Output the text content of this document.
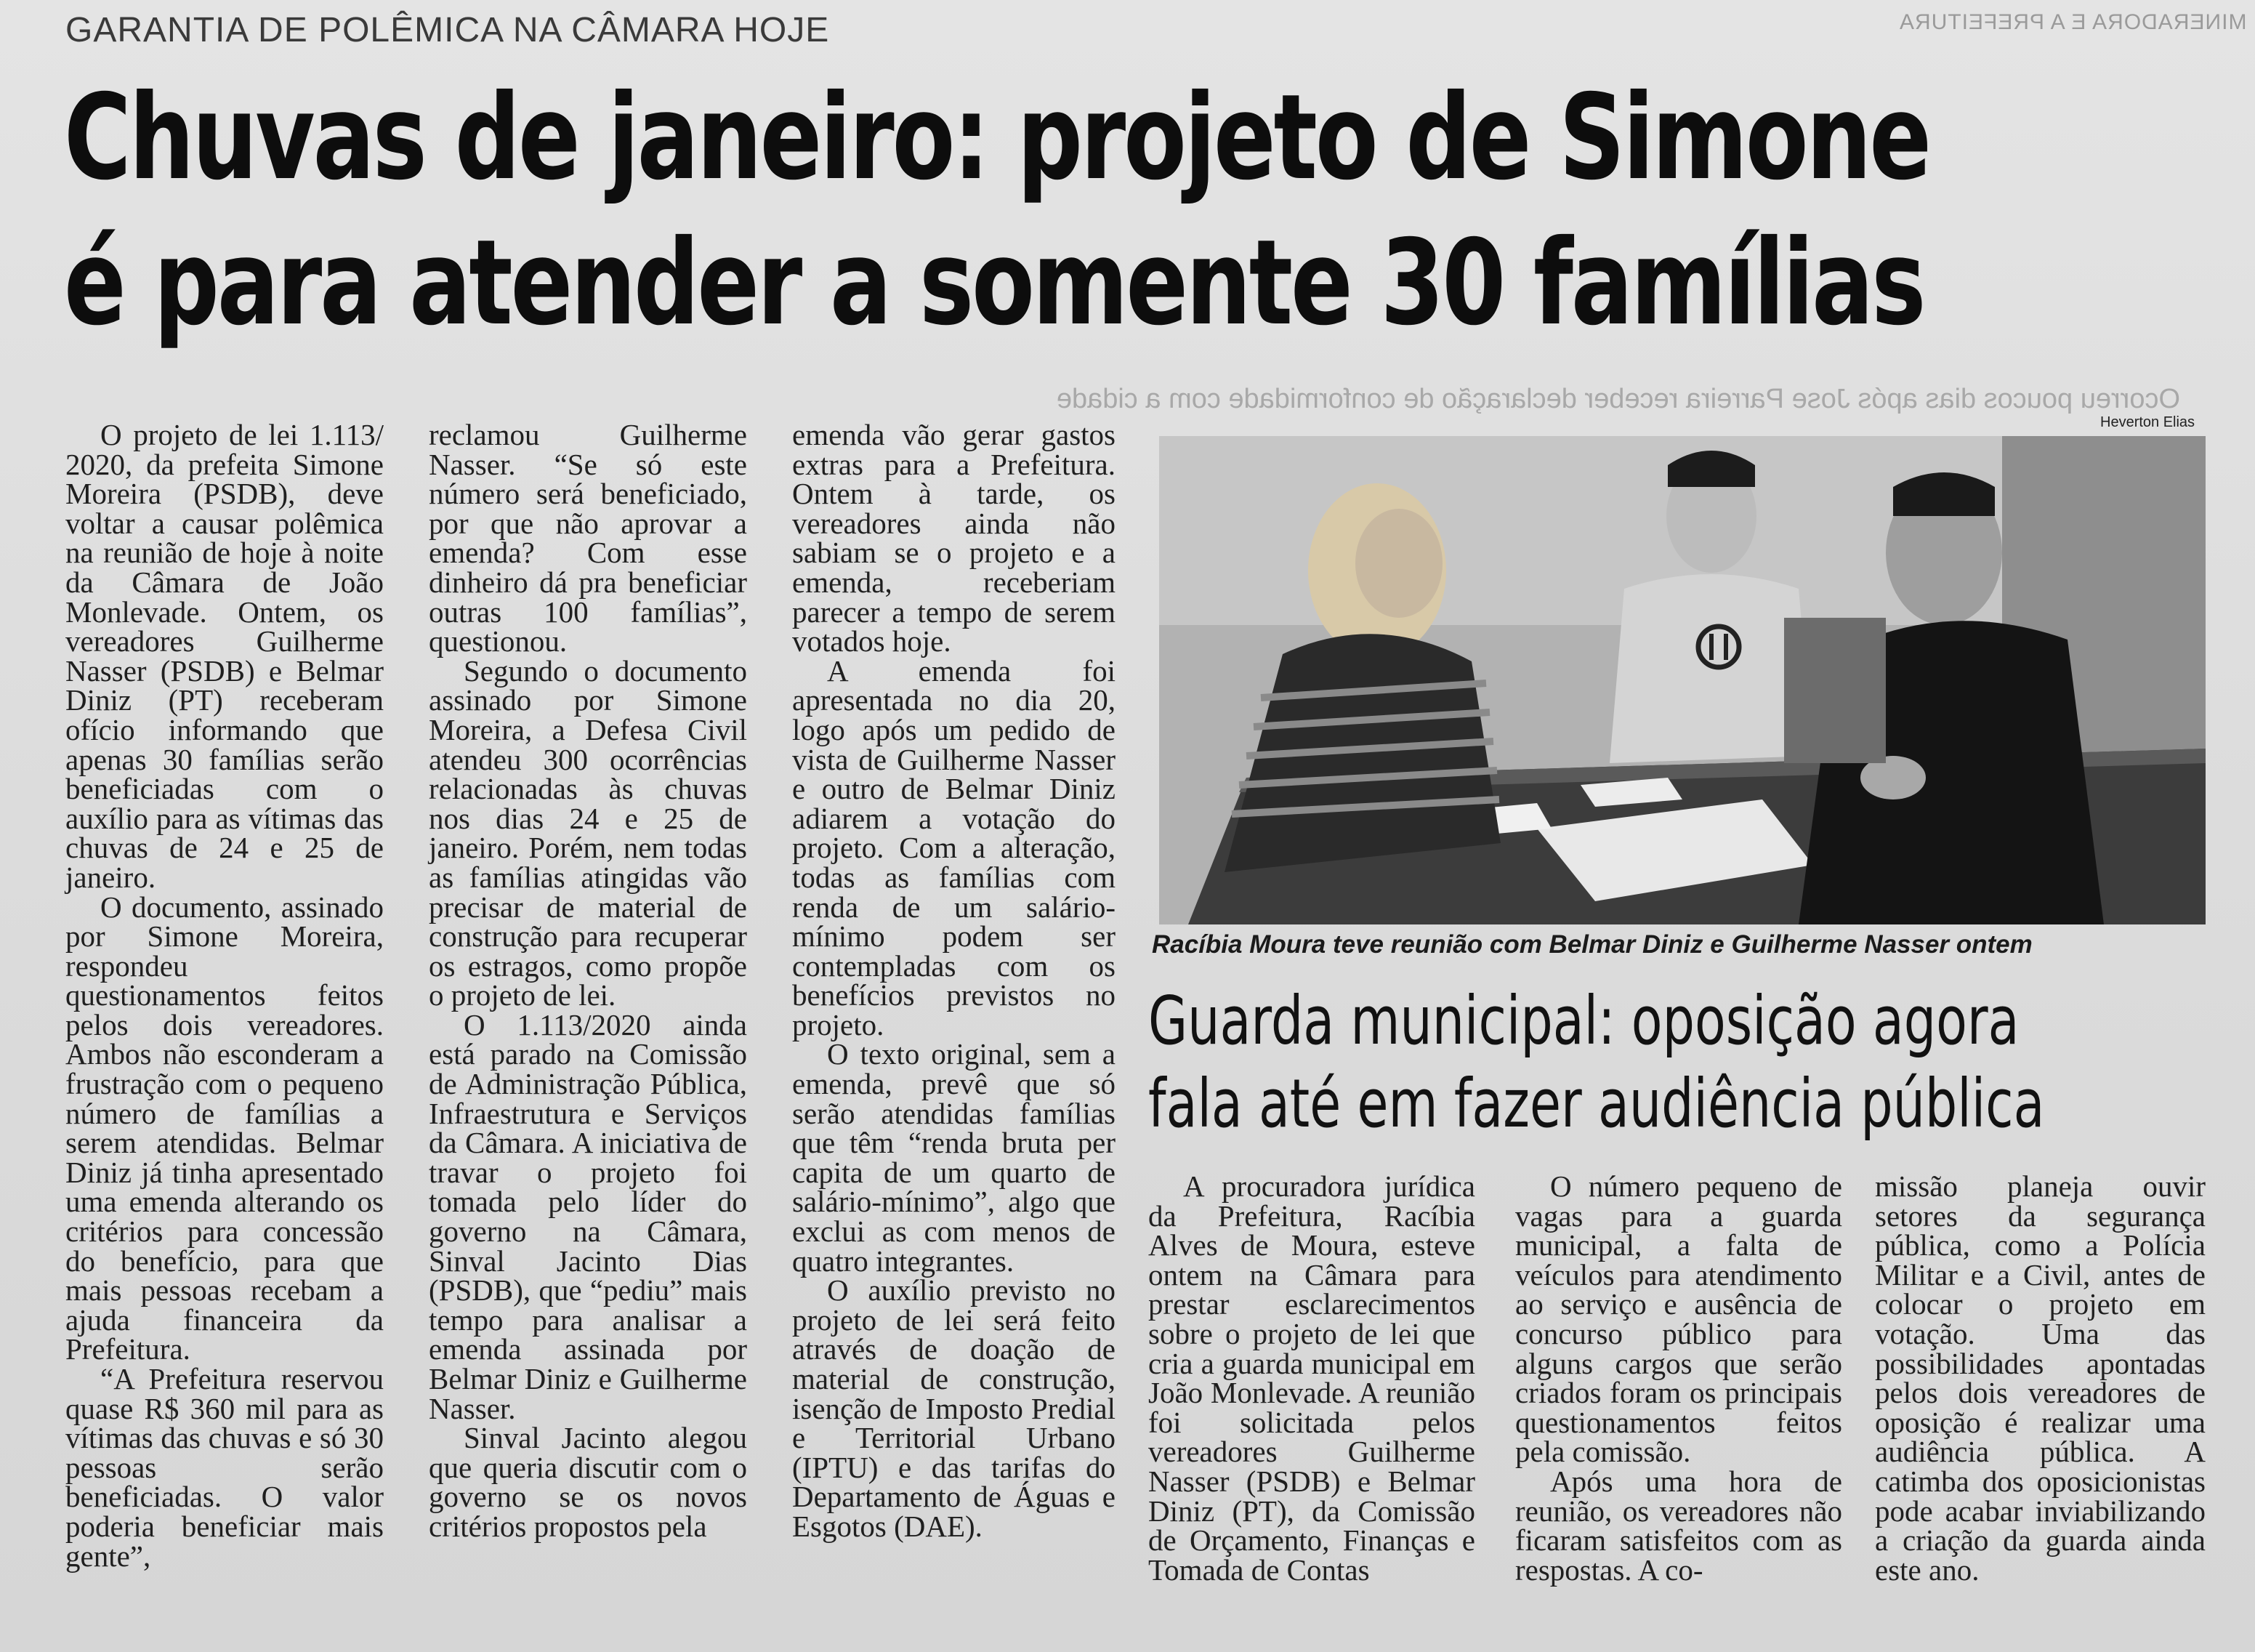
MINERADORA E A PREFEITURA
Ocorreu poucos dias após Jose Parreira receber declaração de conformidade com a cidade
GARANTIA DE POLÊMICA NA CÂMARA HOJE
Chuvas de janeiro: projeto de Simone
é para atender a somente 30 famílias

O projeto de lei 1.113/ 2020, da prefeita Simone Moreira (PSDB), deve voltar a causar polêmica na reunião de hoje à noite da Câmara de João Monlevade. Ontem, os vereadores Guilherme Nasser (PSDB) e Belmar Diniz (PT) receberam ofício informando que apenas 30 famílias serão beneficiadas com o auxílio para as vítimas das chuvas de 24 e 25 de janeiro.

O documento, assinado por Simone Moreira, respondeu questionamentos feitos pelos dois vereadores. Ambos não esconderam a frustração com o pequeno número de famílias a serem atendidas. Belmar Diniz já tinha apresentado uma emenda alterando os critérios para concessão do benefício, para que mais pessoas recebam a ajuda financeira da Prefeitura.

“A Prefeitura reservou quase R$ 360 mil para as vítimas das chuvas e só 30 pessoas serão beneficiadas. O valor poderia beneficiar mais gente”,

reclamou Guilherme Nasser. “Se só este número será beneficiado, por que não aprovar a emenda? Com esse dinheiro dá pra beneficiar outras 100 famílias”, questionou.

Segundo o documento assinado por Simone Moreira, a Defesa Civil atendeu 300 ocorrências relacionadas às chuvas nos dias 24 e 25 de janeiro. Porém, nem todas as famílias atingidas vão precisar de material de construção para recuperar os estragos, como propõe o projeto de lei.

O 1.113/2020 ainda está parado na Comissão de Administração Pública, Infraestrutura e Serviços da Câmara. A iniciativa de travar o projeto foi tomada pelo líder do governo na Câmara, Sinval Jacinto Dias (PSDB), que “pediu” mais tempo para analisar a emenda assinada por Belmar Diniz e Guilherme Nasser.

Sinval Jacinto alegou que queria discutir com o governo se os novos critérios propostos pela

emenda vão gerar gastos extras para a Prefeitura. Ontem à tarde, os vereadores ainda não sabiam se o projeto e a emenda, receberiam parecer a tempo de serem votados hoje.

A emenda foi apresentada no dia 20, logo após um pedido de vista de Guilherme Nasser e outro de Belmar Diniz adiarem a votação do projeto. Com a alteração, todas as famílias com renda de um salário-mínimo podem ser contempladas com os benefícios previstos no projeto.

O texto original, sem a emenda, prevê que só serão atendidas famílias que têm “renda bruta per capita de um quarto de salário-mínimo”, algo que exclui as com menos de quatro integrantes.

O auxílio previsto no projeto de lei será feito através de doação de material de construção, isenção de Imposto Predial e Territorial Urbano (IPTU) e das tarifas do Departamento de Águas e Esgotos (DAE).

Heverton Elias
Racíbia Moura teve reunião com Belmar Diniz e Guilherme Nasser ontem
Guarda municipal: oposição agora
fala até em fazer audiência pública

A procuradora jurídica da Prefeitura, Racíbia Alves de Moura, esteve ontem na Câmara para prestar esclarecimentos sobre o projeto de lei que cria a guarda municipal em João Monlevade. A reunião foi solicitada pelos vereadores Guilherme Nasser (PSDB) e Belmar Diniz (PT), da Comissão de Orçamento, Finanças e Tomada de Contas

O número pequeno de vagas para a guarda municipal, a falta de veículos para atendimento ao serviço e ausência de concurso público para alguns cargos que serão criados foram os principais questionamentos feitos pela comissão.

Após uma hora de reunião, os vereadores não ficaram satisfeitos com as respostas. A co-

missão planeja ouvir setores da segurança pública, como a Polícia Militar e a Civil, antes de colocar o projeto em votação. Uma das possibilidades apontadas pelos dois vereadores de oposição é realizar uma audiência pública. A catimba dos oposicionistas pode acabar inviabilizando a criação da guarda ainda este ano.
